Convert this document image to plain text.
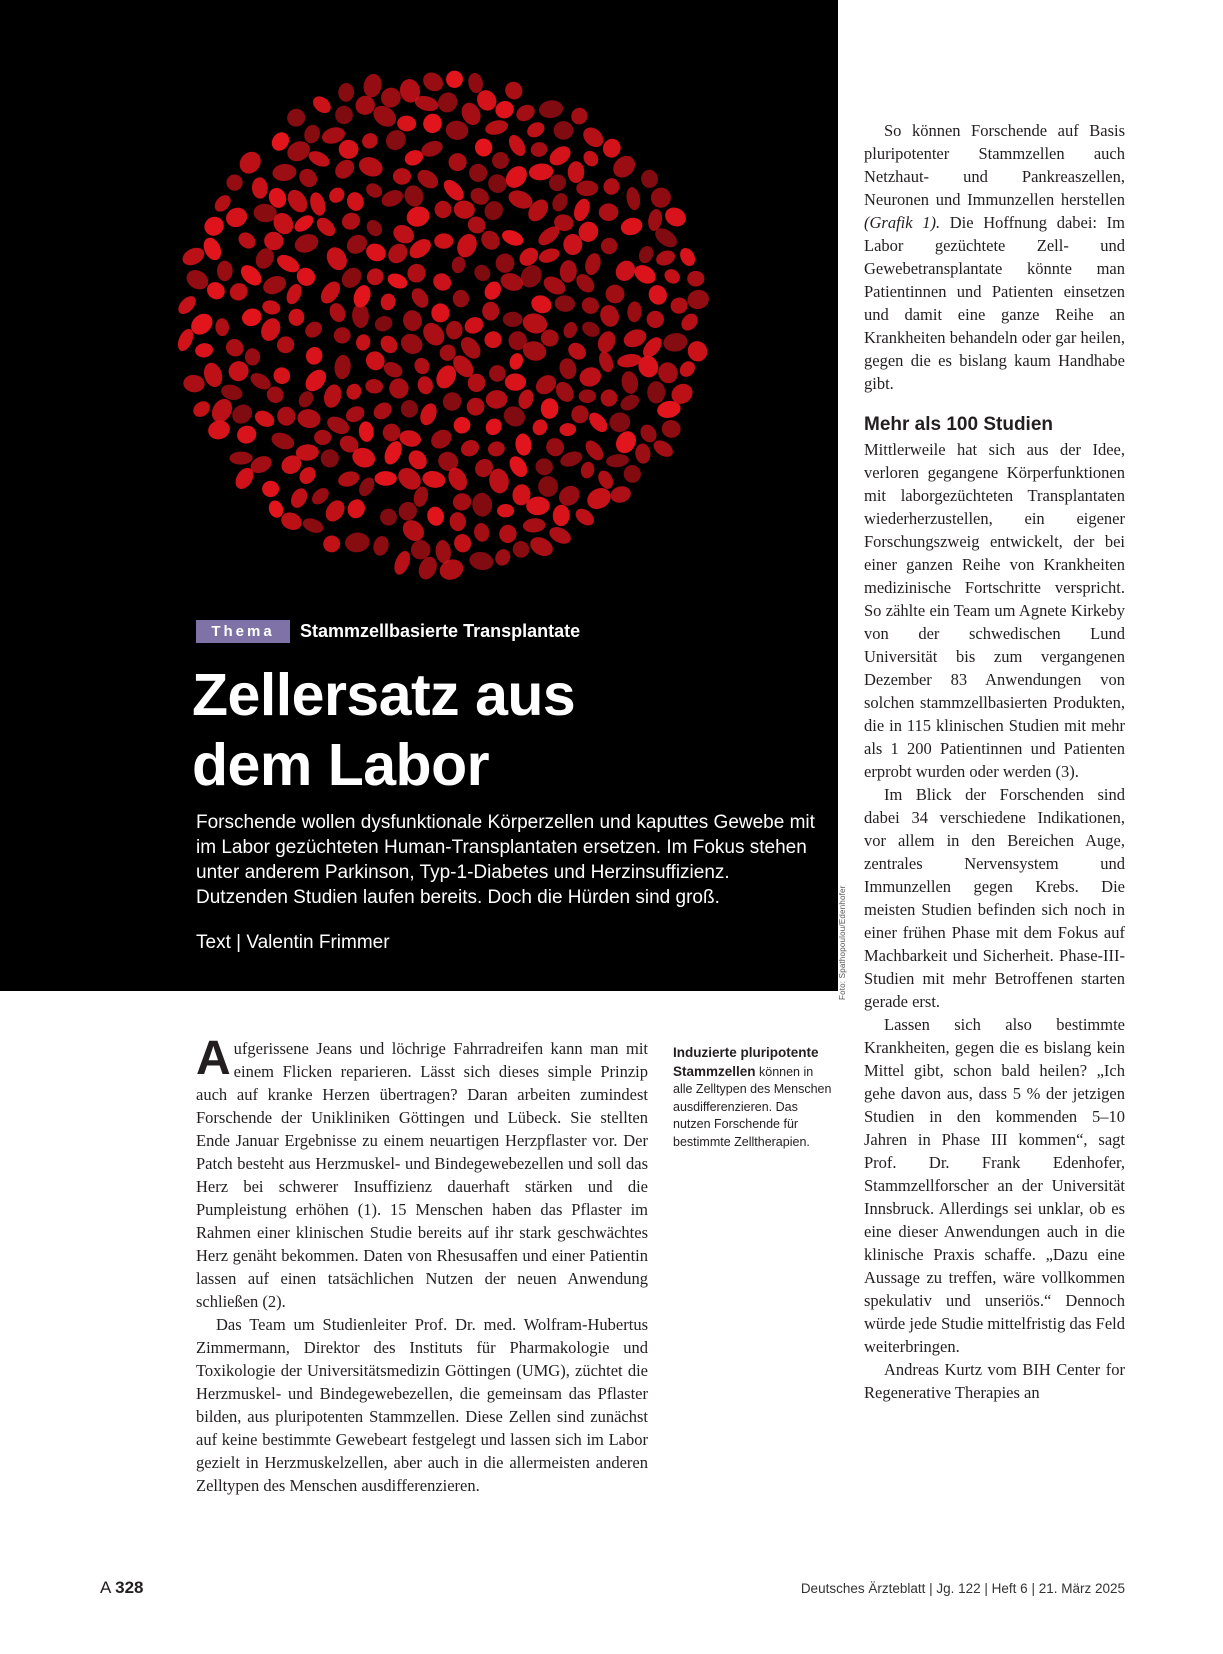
Thema	Stammzellbasierte Transplantate
Zellersatz aus
dem Labor

Forschende wollen dysfunktionale Körperzellen und kaputtes Gewebe mit im Labor gezüchteten Human-Transplantaten ersetzen. Im Fokus stehen unter anderem Parkinson, Typ-1-Diabetes und Herzinsuffizienz. Dutzenden Studien laufen bereits. Doch die Hürden sind groß.

Text | Valentin Frimmer	Foto: Spathopoulou/Edenhofer

Aufgerissene Jeans und löchrige Fahrradreifen kann man mit einem Flicken reparieren. Lässt sich dieses simple Prinzip auch auf kranke Herzen übertragen? Daran arbeiten zumindest Forschende der Unikliniken Göttingen und Lübeck. Sie stellten Ende Januar Ergebnisse zu einem neuartigen Herzpflaster vor. Der Patch besteht aus Herzmuskel- und Bindegewebezellen und soll das Herz bei schwerer Insuffizienz dauerhaft stärken und die Pumpleistung erhöhen (1). 15 Menschen haben das Pflaster im Rahmen einer klinischen Studie bereits auf ihr stark geschwächtes Herz genäht bekommen. Daten von Rhesusaffen und einer Patientin lassen auf einen tatsächlichen Nutzen der neuen Anwendung schließen (2).

Das Team um Studienleiter Prof. Dr. med. Wolfram-Hubertus Zimmermann, Direktor des Instituts für Pharmakologie und Toxikologie der Universitätsmedizin Göttingen (UMG), züchtet die Herzmuskel- und Bindegewebezellen, die gemeinsam das Pflaster bilden, aus pluripotenten Stammzellen. Diese Zellen sind zunächst auf keine bestimmte Gewebeart festgelegt und lassen sich im Labor gezielt in Herzmuskelzellen, aber auch in die allermeisten anderen Zelltypen des Menschen ausdifferenzieren.

Induzierte pluripotente Stammzellen können in alle Zelltypen des Menschen ausdifferenzieren. Das nutzen Forschende für bestimmte Zelltherapien.

So können Forschende auf Basis pluripotenter Stammzellen auch Netzhaut- und Pankreaszellen, Neuronen und Immunzellen herstellen (Grafik 1). Die Hoffnung dabei: Im Labor gezüchtete Zell- und Gewebetransplantate könnte man Patientinnen und Patienten einsetzen und damit eine ganze Reihe an Krankheiten behandeln oder gar heilen, gegen die es bislang kaum Handhabe gibt.

Mehr als 100 Studien

Mittlerweile hat sich aus der Idee, verloren gegangene Körperfunktionen mit laborgezüchteten Transplantaten wiederherzustellen, ein eigener Forschungszweig entwickelt, der bei einer ganzen Reihe von Krankheiten medizinische Fortschritte verspricht. So zählte ein Team um Agnete Kirkeby von der schwedischen Lund Universität bis zum vergangenen Dezember 83 Anwendungen von solchen stammzellbasierten Produkten, die in 115 klinischen Studien mit mehr als 1 200 Patientinnen und Patienten erprobt wurden oder werden (3).

Im Blick der Forschenden sind dabei 34 verschiedene Indikationen, vor allem in den Bereichen Auge, zentrales Nervensystem und Immunzellen gegen Krebs. Die meisten Studien befinden sich noch in einer frühen Phase mit dem Fokus auf Machbarkeit und Sicherheit. Phase-III-Studien mit mehr Betroffenen starten gerade erst.

Lassen sich also bestimmte Krankheiten, gegen die es bislang kein Mittel gibt, schon bald heilen? „Ich gehe davon aus, dass 5 % der jetzigen Studien in den kommenden 5–10 Jahren in Phase III kommen“, sagt Prof. Dr. Frank Edenhofer, Stammzellforscher an der Universität Innsbruck. Allerdings sei unklar, ob es eine dieser Anwendungen auch in die klinische Praxis schaffe. „Dazu eine Aussage zu treffen, wäre vollkommen spekulativ und unseriös.“ Dennoch würde jede Studie mittelfristig das Feld weiterbringen.

Andreas Kurtz vom BIH Center for Regenerative Therapies an

A 328	Deutsches Ärzteblatt | Jg. 122 | Heft 6 | 21. März 2025
